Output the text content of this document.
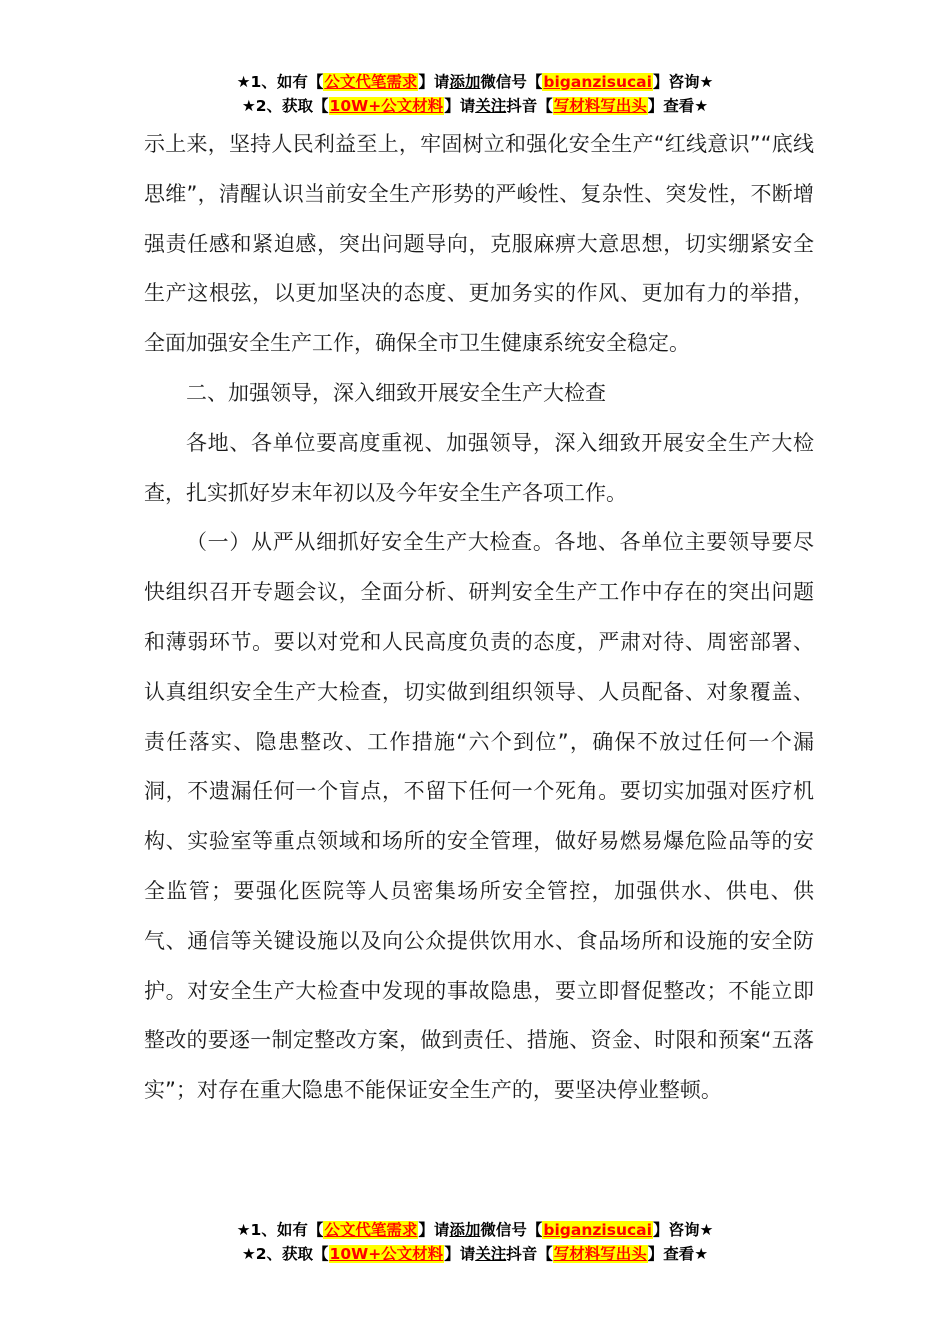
★1、如有【公文代笔需求】请添加微信号【biganzisucai】咨询★
★2、获取【10W+公文材料】请关注抖音【写材料写出头】查看★

示上来，坚持人民利益至上，牢固树立和强化安全生产“红线意识”“底线思维”，清醒认识当前安全生产形势的严峻性、复杂性、突发性，不断增强责任感和紧迫感，突出问题导向，克服麻痹大意思想，切实绷紧安全生产这根弦，以更加坚决的态度、更加务实的作风、更加有力的举措，全面加强安全生产工作，确保全市卫生健康系统安全稳定。

二、加强领导，深入细致开展安全生产大检查

各地、各单位要高度重视、加强领导，深入细致开展安全生产大检查，扎实抓好岁末年初以及今年安全生产各项工作。

（一）从严从细抓好安全生产大检查。各地、各单位主要领导要尽快组织召开专题会议，全面分析、研判安全生产工作中存在的突出问题和薄弱环节。要以对党和人民高度负责的态度，严肃对待、周密部署、认真组织安全生产大检查，切实做到组织领导、人员配备、对象覆盖、责任落实、隐患整改、工作措施“六个到位”，确保不放过任何一个漏洞，不遗漏任何一个盲点，不留下任何一个死角。要切实加强对医疗机构、实验室等重点领域和场所的安全管理，做好易燃易爆危险品等的安全监管；要强化医院等人员密集场所安全管控，加强供水、供电、供气、通信等关键设施以及向公众提供饮用水、食品场所和设施的安全防护。对安全生产大检查中发现的事故隐患，要立即督促整改；不能立即整改的要逐一制定整改方案，做到责任、措施、资金、时限和预案“五落实”；对存在重大隐患不能保证安全生产的，要坚决停业整顿。

★1、如有【公文代笔需求】请添加微信号【biganzisucai】咨询★
★2、获取【10W+公文材料】请关注抖音【写材料写出头】查看★
